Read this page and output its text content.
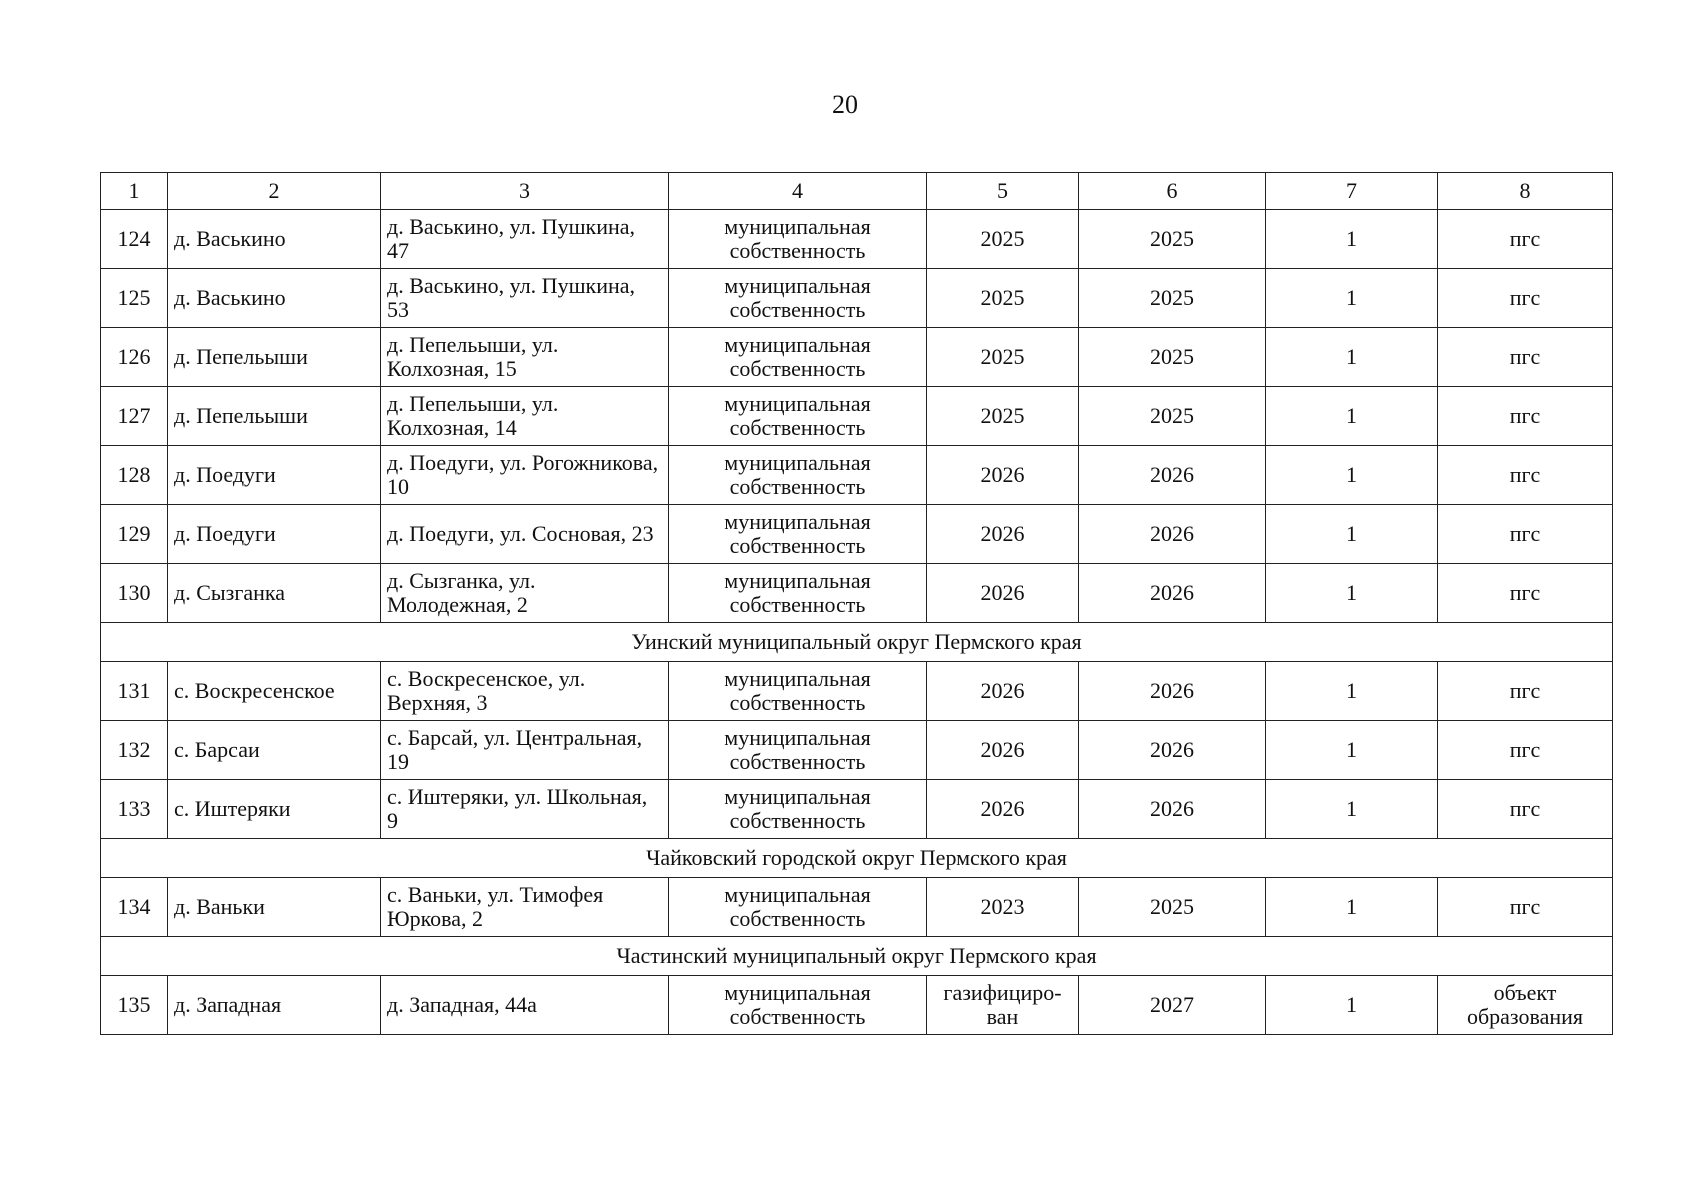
20
1	2	3	4	5	6	7	8
124	д. Васькино	д. Васькино, ул. Пушкина, 47	муниципальная собственность	2025	2025	1	пгс
125	д. Васькино	д. Васькино, ул. Пушкина, 53	муниципальная собственность	2025	2025	1	пгс
126	д. Пепельыши	д. Пепельыши, ул. Колхозная, 15	муниципальная собственность	2025	2025	1	пгс
127	д. Пепельыши	д. Пепельыши, ул. Колхозная, 14	муниципальная собственность	2025	2025	1	пгс
128	д. Поедуги	д. Поедуги, ул. Рогожникова, 10	муниципальная собственность	2026	2026	1	пгс
129	д. Поедуги	д. Поедуги, ул. Сосновая, 23	муниципальная собственность	2026	2026	1	пгс
130	д. Сызганка	д. Сызганка, ул. Молодежная, 2	муниципальная собственность	2026	2026	1	пгс
Уинский муниципальный округ Пермского края							
131	с. Воскресенское	с. Воскресенское, ул. Верхняя, 3	муниципальная собственность	2026	2026	1	пгс
132	с. Барсаи	с. Барсай, ул. Центральная, 19	муниципальная собственность	2026	2026	1	пгс
133	с. Иштеряки	с. Иштеряки, ул. Школьная, 9	муниципальная собственность	2026	2026	1	пгс
Чайковский городской округ Пермского края							
134	д. Ваньки	с. Ваньки, ул. Тимофея Юркова, 2	муниципальная собственность	2023	2025	1	пгс
Частинский муниципальный округ Пермского края							
135	д. Западная	д. Западная, 44а	муниципальная собственность	газифициро-ван	2027	1	объект образования
